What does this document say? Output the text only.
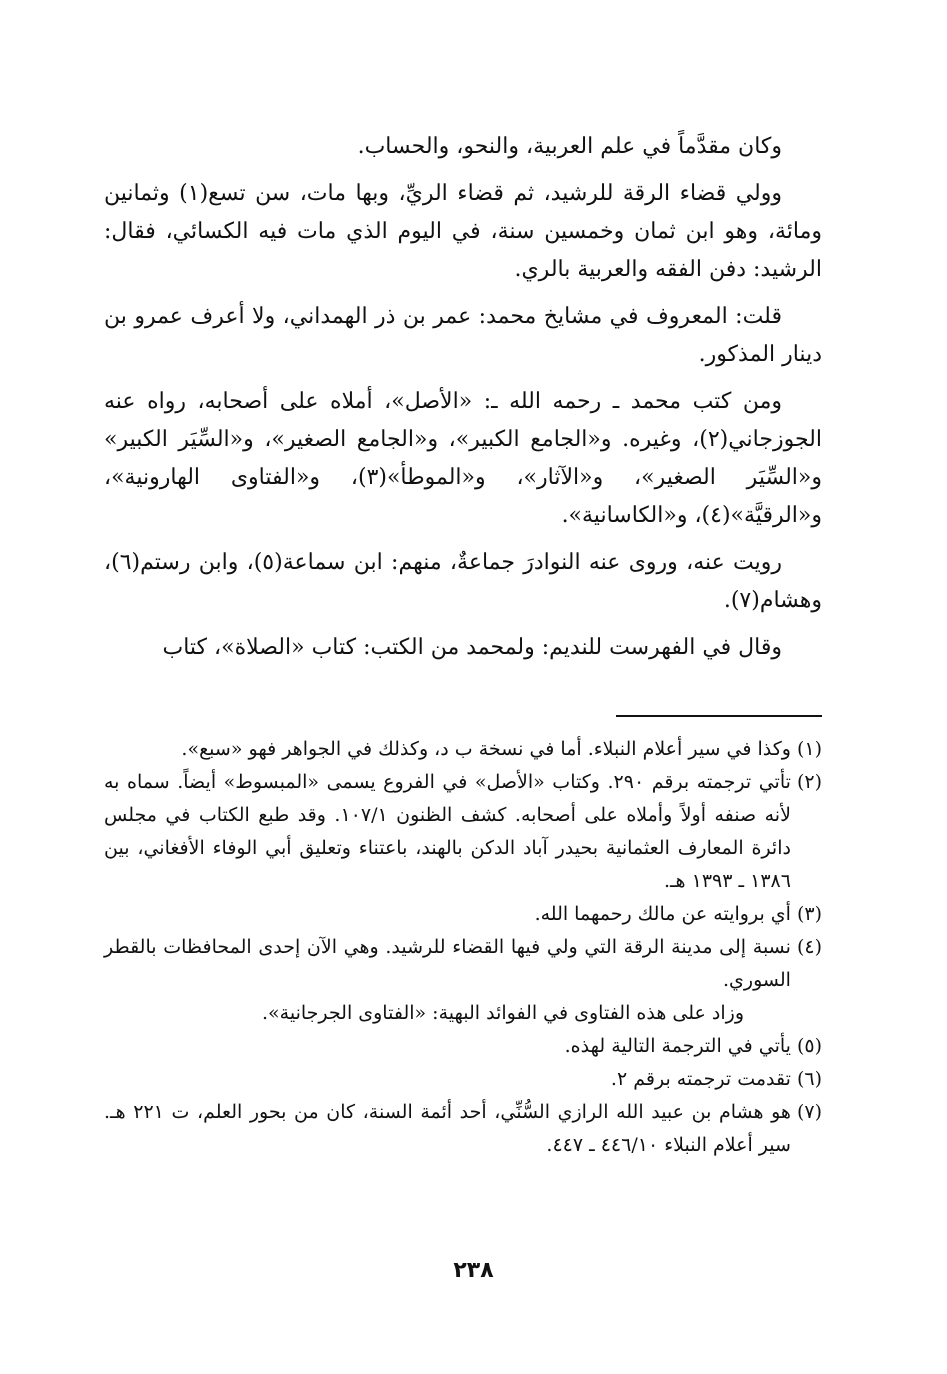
وكان مقدَّماً في علم العربية، والنحو، والحساب.

وولي قضاء الرقة للرشيد، ثم قضاء الريِّ، وبها مات، سن تسع(١) وثمانين ومائة، وهو ابن ثمان وخمسين سنة، في اليوم الذي مات فيه الكسائي، فقال: الرشيد: دفن الفقه والعربية بالري.

قلت: المعروف في مشايخ محمد: عمر بن ذر الهمداني، ولا أعرف عمرو بن دينار المذكور.

ومن كتب محمد ـ رحمه الله ـ: «الأصل»، أملاه على أصحابه، رواه عنه الجوزجاني(٢)، وغيره. و«الجامع الكبير»، و«الجامع الصغير»، و«السِّيَر الكبير» و«السِّيَر الصغير»، و«الآثار»، و«الموطأ»(٣)، و«الفتاوى الهارونية»، و«الرقيَّة»(٤)، و«الكاسانية».

رويت عنه، وروى عنه النوادرَ جماعةٌ، منهم: ابن سماعة(٥)، وابن رستم(٦)، وهشام(٧).

وقال في الفهرست للنديم: ولمحمد من الكتب: كتاب «الصلاة»، كتاب

(١)
وكذا في سير أعلام النبلاء. أما في نسخة ب د، وكذلك في الجواهر فهو «سبع».
(٢)
تأتي ترجمته برقم ٢٩٠. وكتاب «الأصل» في الفروع يسمى «المبسوط» أيضاً. سماه به لأنه صنفه أولاً وأملاه على أصحابه. كشف الظنون ١٠٧/١. وقد طبع الكتاب في مجلس دائرة المعارف العثمانية بحيدر آباد الدكن بالهند، باعتناء وتعليق أبي الوفاء الأفغاني، بين ١٣٨٦ ـ ١٣٩٣ هـ.
(٣)
أي بروايته عن مالك رحمهما الله.
(٤)
نسبة إلى مدينة الرقة التي ولي فيها القضاء للرشيد. وهي الآن إحدى المحافظات بالقطر السوري.
وزاد على هذه الفتاوى في الفوائد البهية: «الفتاوى الجرجانية».
(٥)
يأتي في الترجمة التالية لهذه.
(٦)
تقدمت ترجمته برقم ٢.
(٧)
هو هشام بن عبيد الله الرازي السُّنِّي، أحد أئمة السنة، كان من بحور العلم، ت ٢٢١ هـ. سير أعلام النبلاء ٤٤٦/١٠ ـ ٤٤٧.
٢٣٨
